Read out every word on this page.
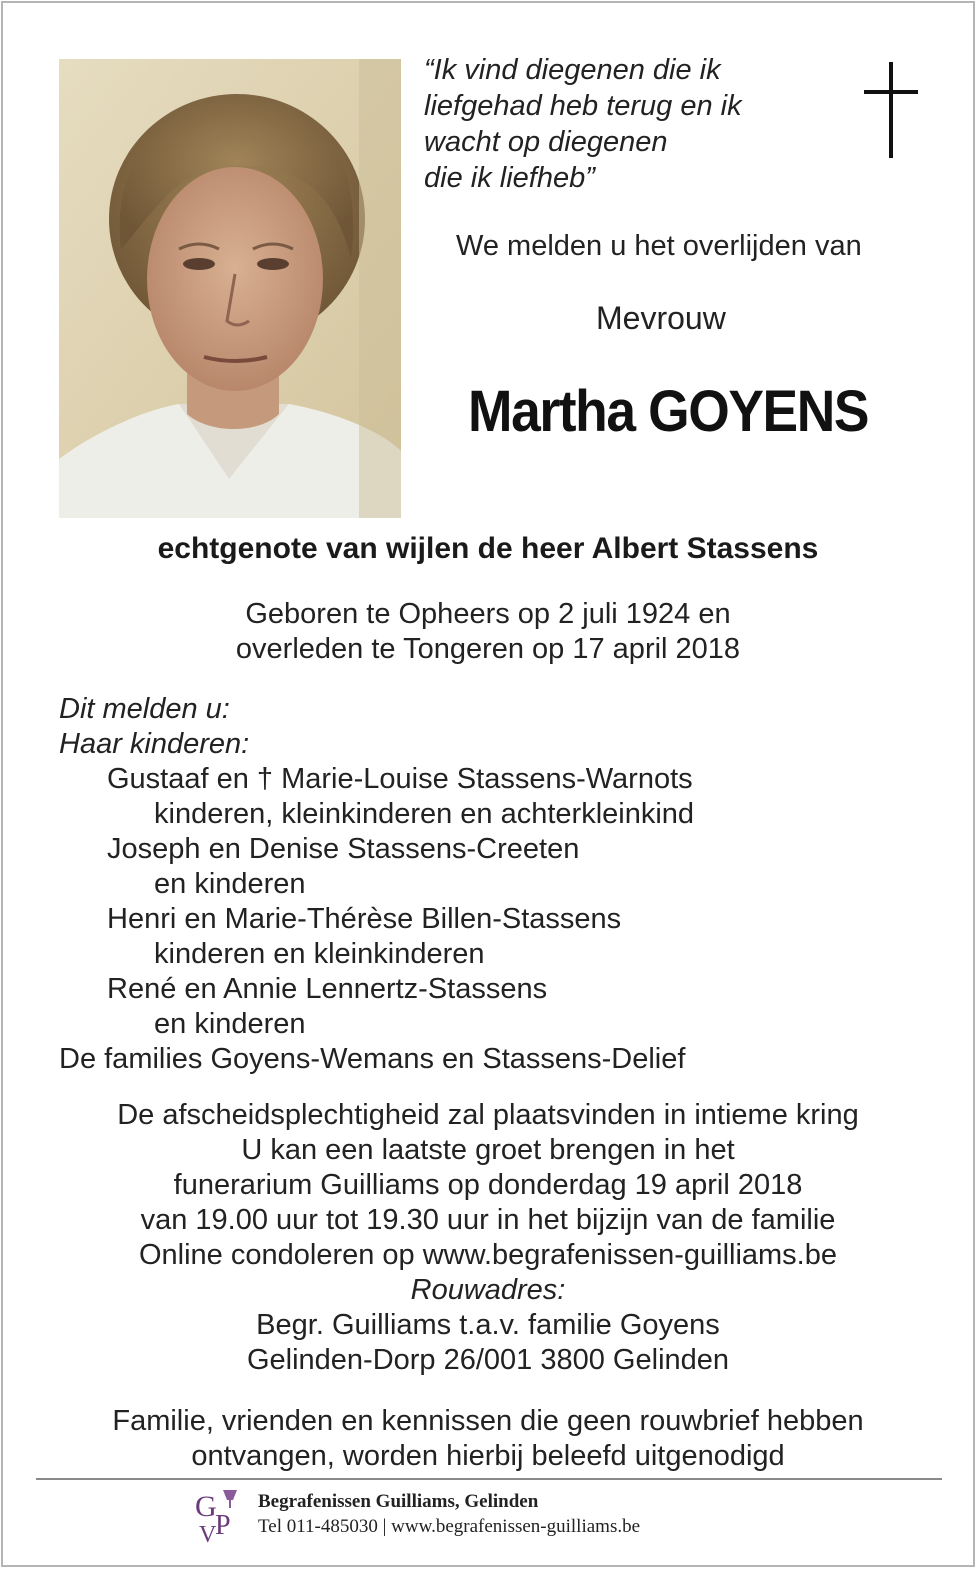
“Ik vind diegenen die ik
liefgehad heb terug en ik
wacht op diegenen
die ik liefheb”
We melden u het overlijden van
Mevrouw
Martha GOYENS
echtgenote van wijlen de heer Albert Stassens
Geboren te Opheers op 2 juli 1924 en
overleden te Tongeren op 17 april 2018
Dit melden u:
Haar kinderen:
Gustaaf en † Marie-Louise Stassens-Warnots
kinderen, kleinkinderen en achterkleinkind
Joseph en Denise Stassens-Creeten
en kinderen
Henri en Marie-Thérèse Billen-Stassens
kinderen en kleinkinderen
René en Annie Lennertz-Stassens
en kinderen
De families Goyens-Wemans en Stassens-Delief
De afscheidsplechtigheid zal plaatsvinden in intieme kring
U kan een laatste groet brengen in het
funerarium Guilliams op donderdag 19 april 2018
van 19.00 uur tot 19.30 uur in het bijzijn van de familie
Online condoleren op www.begrafenissen-guilliams.be
Rouwadres:
Begr. Guilliams t.a.v. familie Goyens
Gelinden-Dorp 26/001 3800 Gelinden
Familie, vrienden en kennissen die geen rouwbrief hebben
ontvangen, worden hierbij beleefd uitgenodigd
G
P
V
Begrafenissen Guilliams, Gelinden
Tel 011-485030 | www.begrafenissen-guilliams.be
